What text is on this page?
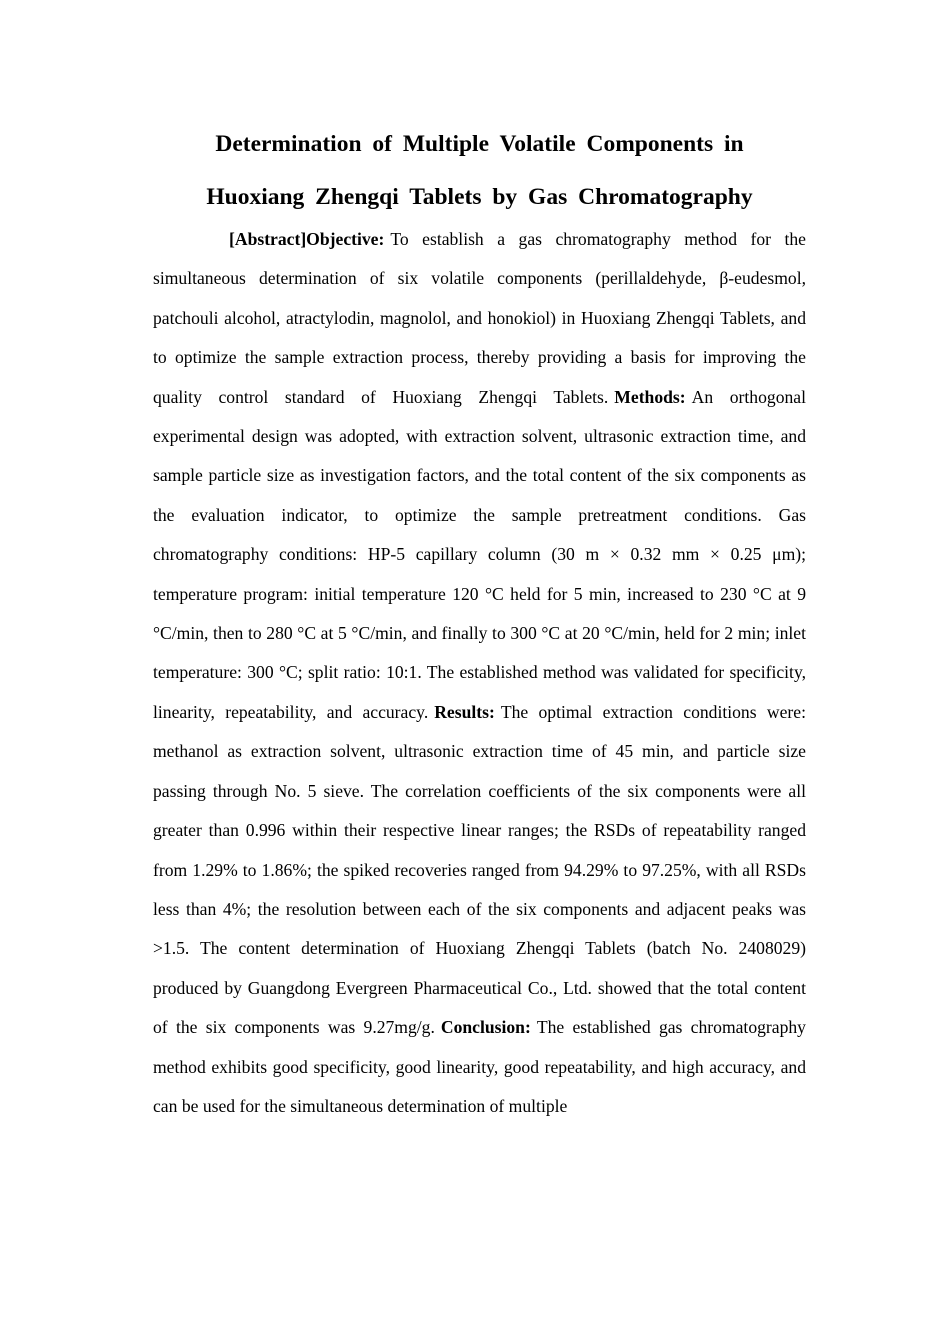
Determination of Multiple Volatile Components in
Huoxiang Zhengqi Tablets by Gas Chromatography

[Abstract]Objective: To establish a gas chromatography method for the simultaneous determination of six volatile components (perillaldehyde, β-eudesmol, patchouli alcohol, atractylodin, magnolol, and honokiol) in Huoxiang Zhengqi Tablets, and to optimize the sample extraction process, thereby providing a basis for improving the quality control standard of Huoxiang Zhengqi Tablets. Methods: An orthogonal experimental design was adopted, with extraction solvent, ultrasonic extraction time, and sample particle size as investigation factors, and the total content of the six components as the evaluation indicator, to optimize the sample pretreatment conditions. Gas chromatography conditions: HP-5 capillary column (30 m × 0.32 mm × 0.25 μm); temperature program: initial temperature 120 °C held for 5 min, increased to 230 °C at 9 °C/min, then to 280 °C at 5 °C/min, and finally to 300 °C at 20 °C/min, held for 2 min; inlet temperature: 300 °C; split ratio: 10:1. The established method was validated for specificity, linearity, repeatability, and accuracy. Results: The optimal extraction conditions were: methanol as extraction solvent, ultrasonic extraction time of 45 min, and particle size passing through No. 5 sieve. The correlation coefficients of the six components were all greater than 0.996 within their respective linear ranges; the RSDs of repeatability ranged from 1.29% to 1.86%; the spiked recoveries ranged from 94.29% to 97.25%, with all RSDs less than 4%; the resolution between each of the six components and adjacent peaks was >1.5. The content determination of Huoxiang Zhengqi Tablets (batch No. 2408029) produced by Guangdong Evergreen Pharmaceutical Co., Ltd. showed that the total content of the six components was 9.27mg/g. Conclusion: The established gas chromatography method exhibits good specificity, good linearity, good repeatability, and high accuracy, and can be used for the simultaneous determination of multiple
